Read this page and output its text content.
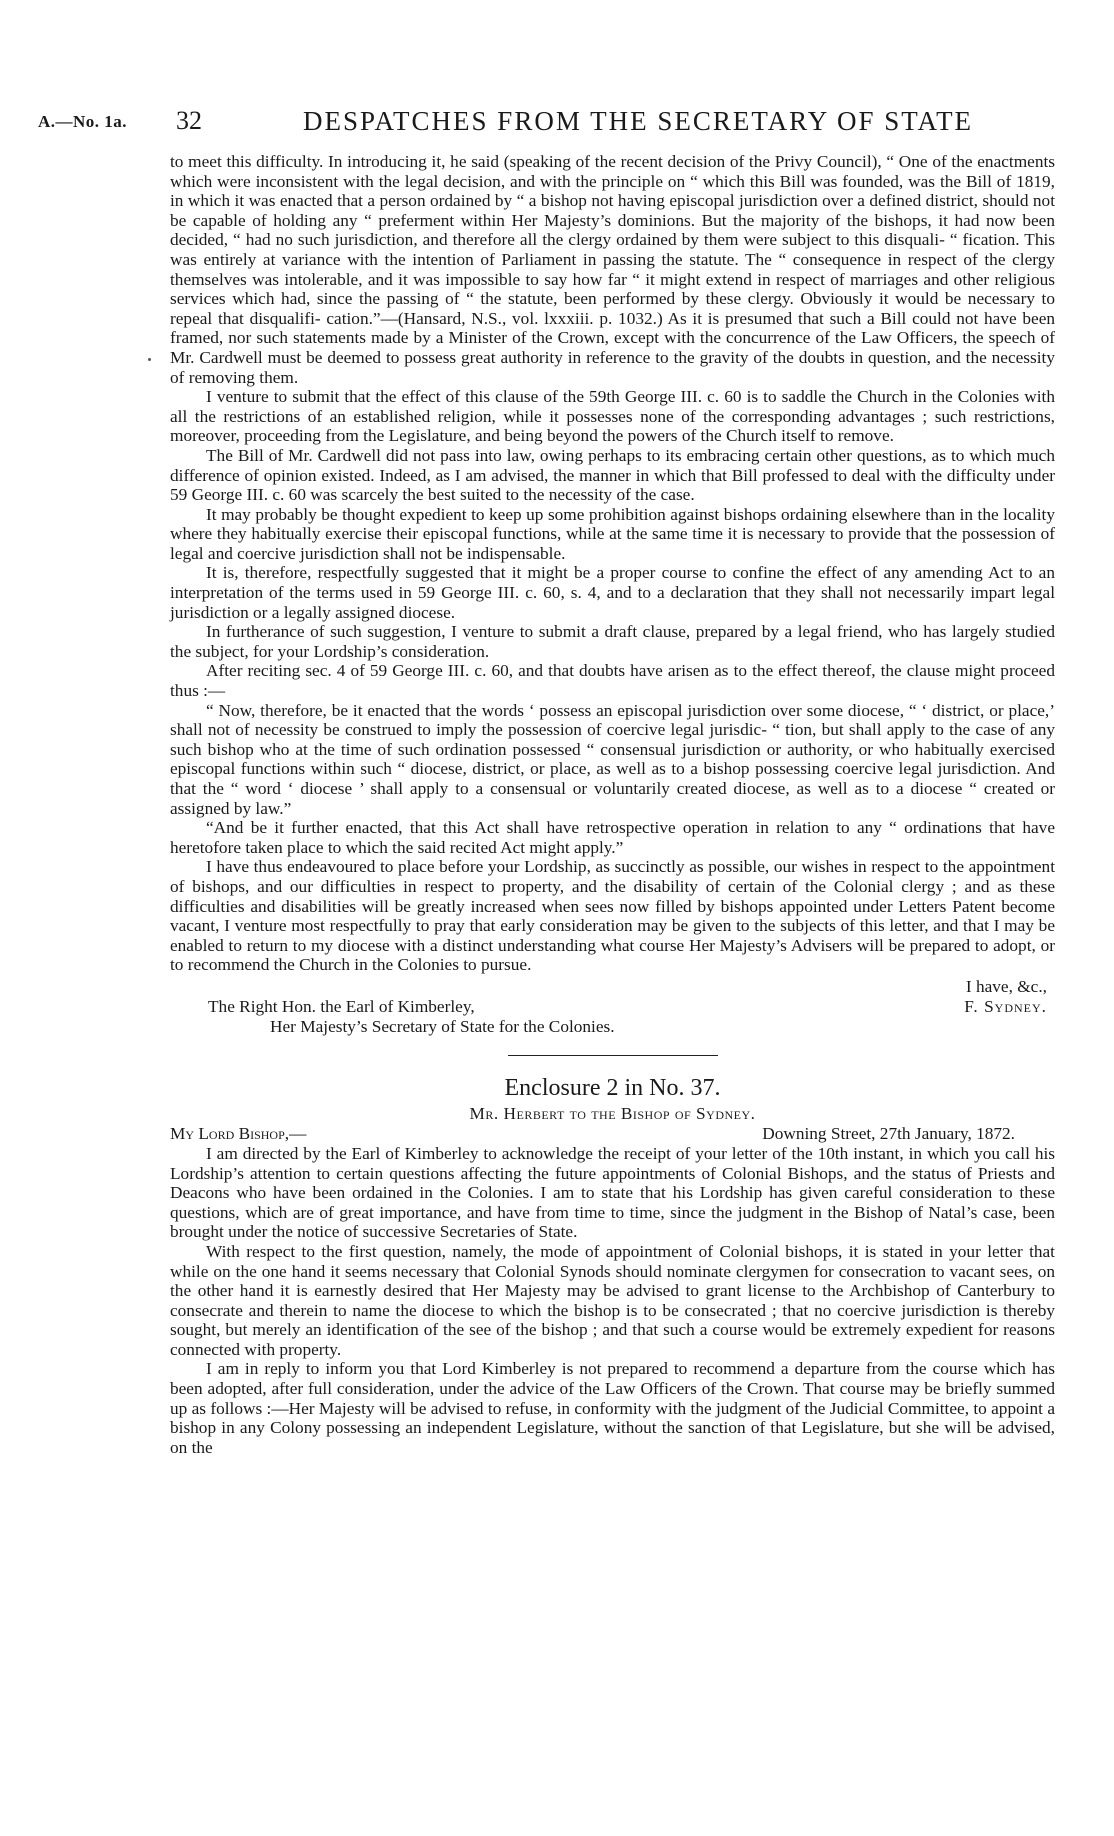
A.—No. 1a. 32	DESPATCHES FROM THE SECRETARY OF STATE

to meet this difficulty. In introducing it, he said (speaking of the recent decision of the Privy Council), “ One of the enactments which were inconsistent with the legal decision, and with the principle on “ which this Bill was founded, was the Bill of 1819, in which it was enacted that a person ordained by “ a bishop not having episcopal jurisdiction over a defined district, should not be capable of holding any “ preferment within Her Majesty’s dominions. But the majority of the bishops, it had now been decided, “ had no such jurisdiction, and therefore all the clergy ordained by them were subject to this disquali- “ fication. This was entirely at variance with the intention of Parliament in passing the statute. The “ consequence in respect of the clergy themselves was intolerable, and it was impossible to say how far “ it might extend in respect of marriages and other religious services which had, since the passing of “ the statute, been performed by these clergy. Obviously it would be necessary to repeal that disqualifi- cation.”—(Hansard, N.S., vol. lxxxiii. p. 1032.) As it is presumed that such a Bill could not have been framed, nor such statements made by a Minister of the Crown, except with the concurrence of the Law Officers, the speech of Mr. Cardwell must be deemed to possess great authority in reference to the gravity of the doubts in question, and the necessity of removing them.

I venture to submit that the effect of this clause of the 59th George III. c. 60 is to saddle the Church in the Colonies with all the restrictions of an established religion, while it possesses none of the corresponding advantages ; such restrictions, moreover, proceeding from the Legislature, and being beyond the powers of the Church itself to remove.

The Bill of Mr. Cardwell did not pass into law, owing perhaps to its embracing certain other questions, as to which much difference of opinion existed. Indeed, as I am advised, the manner in which that Bill professed to deal with the difficulty under 59 George III. c. 60 was scarcely the best suited to the necessity of the case.

It may probably be thought expedient to keep up some prohibition against bishops ordaining elsewhere than in the locality where they habitually exercise their episcopal functions, while at the same time it is necessary to provide that the possession of legal and coercive jurisdiction shall not be indispensable.

It is, therefore, respectfully suggested that it might be a proper course to confine the effect of any amending Act to an interpretation of the terms used in 59 George III. c. 60, s. 4, and to a declaration that they shall not necessarily impart legal jurisdiction or a legally assigned diocese.

In furtherance of such suggestion, I venture to submit a draft clause, prepared by a legal friend, who has largely studied the subject, for your Lordship’s consideration.

After reciting sec. 4 of 59 George III. c. 60, and that doubts have arisen as to the effect thereof, the clause might proceed thus :—

“ Now, therefore, be it enacted that the words ‘ possess an episcopal jurisdiction over some diocese, “ ‘ district, or place,’ shall not of necessity be construed to imply the possession of coercive legal jurisdic- “ tion, but shall apply to the case of any such bishop who at the time of such ordination possessed “ consensual jurisdiction or authority, or who habitually exercised episcopal functions within such “ diocese, district, or place, as well as to a bishop possessing coercive legal jurisdiction. And that the “ word ‘ diocese ’ shall apply to a consensual or voluntarily created diocese, as well as to a diocese “ created or assigned by law.”

“And be it further enacted, that this Act shall have retrospective operation in relation to any “ ordinations that have heretofore taken place to which the said recited Act might apply.”

I have thus endeavoured to place before your Lordship, as succinctly as possible, our wishes in respect to the appointment of bishops, and our difficulties in respect to property, and the disability of certain of the Colonial clergy ; and as these difficulties and disabilities will be greatly increased when sees now filled by bishops appointed under Letters Patent become vacant, I venture most respectfully to pray that early consideration may be given to the subjects of this letter, and that I may be enabled to return to my diocese with a distinct understanding what course Her Majesty’s Advisers will be prepared to adopt, or to recommend the Church in the Colonies to pursue.

I have, &c.,
F. Sydney.
The Right Hon. the Earl of Kimberley,
Her Majesty’s Secretary of State for the Colonies.
Enclosure 2 in No. 37.
Mr. Herbert to the Bishop of Sydney.
My Lord Bishop,—	Downing Street, 27th January, 1872.

I am directed by the Earl of Kimberley to acknowledge the receipt of your letter of the 10th instant, in which you call his Lordship’s attention to certain questions affecting the future appointments of Colonial Bishops, and the status of Priests and Deacons who have been ordained in the Colonies. I am to state that his Lordship has given careful consideration to these questions, which are of great importance, and have from time to time, since the judgment in the Bishop of Natal’s case, been brought under the notice of successive Secretaries of State.

With respect to the first question, namely, the mode of appointment of Colonial bishops, it is stated in your letter that while on the one hand it seems necessary that Colonial Synods should nominate clergymen for consecration to vacant sees, on the other hand it is earnestly desired that Her Majesty may be advised to grant license to the Archbishop of Canterbury to consecrate and therein to name the diocese to which the bishop is to be consecrated ; that no coercive jurisdiction is thereby sought, but merely an identification of the see of the bishop ; and that such a course would be extremely expedient for reasons connected with property.

I am in reply to inform you that Lord Kimberley is not prepared to recommend a departure from the course which has been adopted, after full consideration, under the advice of the Law Officers of the Crown. That course may be briefly summed up as follows :—Her Majesty will be advised to refuse, in conformity with the judgment of the Judicial Committee, to appoint a bishop in any Colony possessing an independent Legislature, without the sanction of that Legislature, but she will be advised, on the
